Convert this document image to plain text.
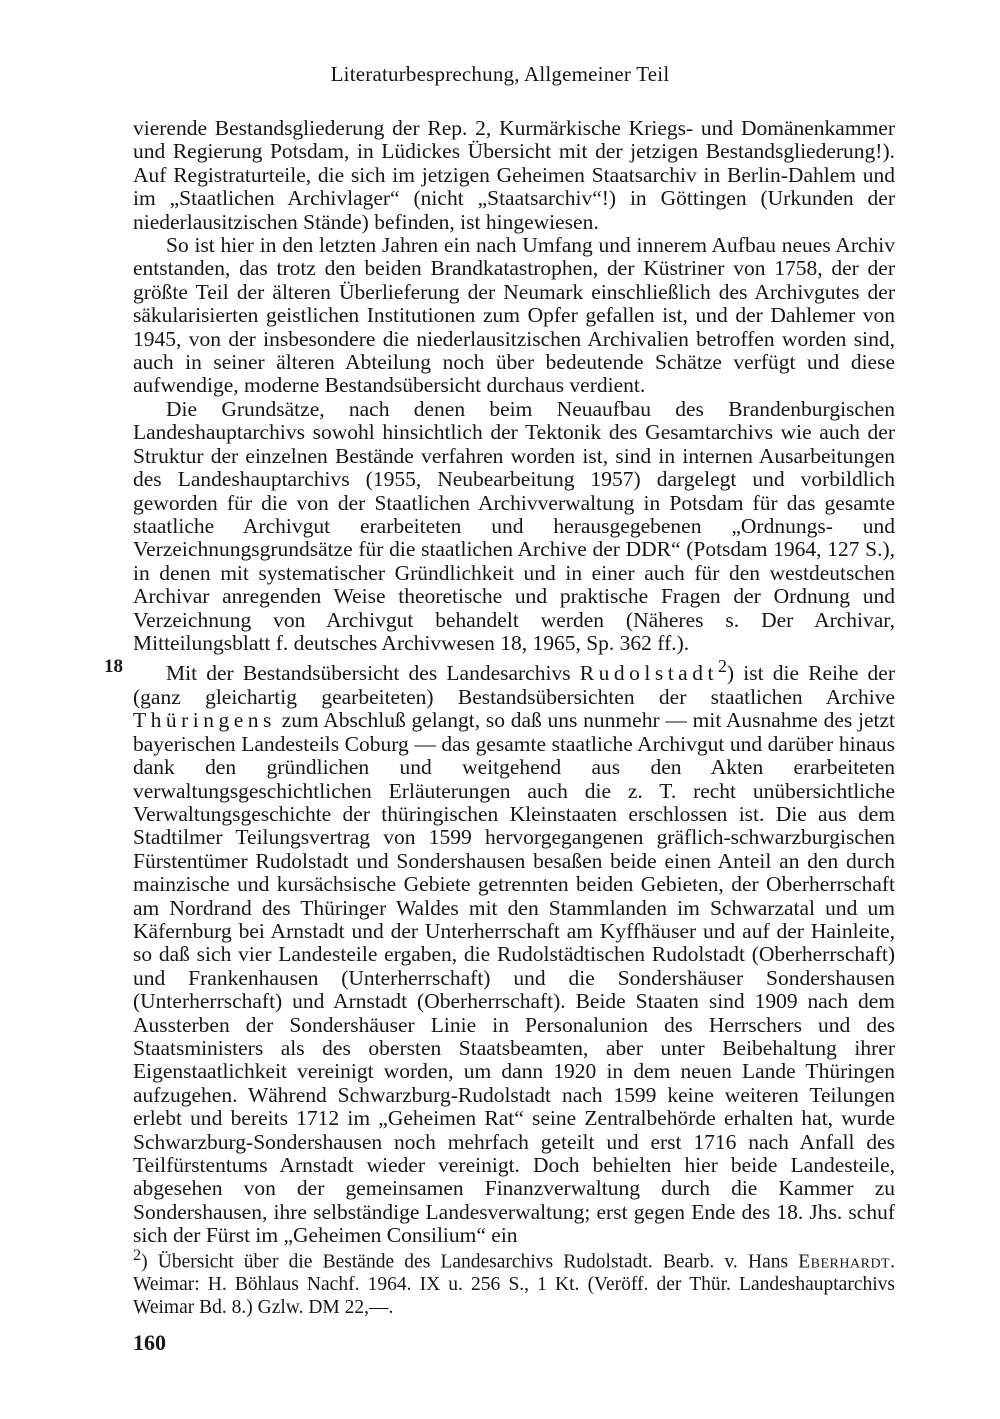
Literaturbesprechung, Allgemeiner Teil

vierende Bestandsgliederung der Rep. 2, Kurmärkische Kriegs- und Domänenkammer und Regierung Potsdam, in Lüdickes Übersicht mit der jetzigen Bestandsgliederung!). Auf Registraturteile, die sich im jetzigen Geheimen Staatsarchiv in Berlin-Dahlem und im „Staatlichen Archivlager“ (nicht „Staatsarchiv“!) in Göttingen (Urkunden der niederlausitzischen Stände) befinden, ist hingewiesen.

So ist hier in den letzten Jahren ein nach Umfang und innerem Aufbau neues Archiv entstanden, das trotz den beiden Brandkatastrophen, der Küstriner von 1758, der der größte Teil der älteren Überlieferung der Neumark einschließlich des Archivgutes der säkularisierten geistlichen Institutionen zum Opfer gefallen ist, und der Dahlemer von 1945, von der insbesondere die niederlausitzischen Archivalien betroffen worden sind, auch in seiner älteren Abteilung noch über bedeutende Schätze verfügt und diese aufwendige, moderne Bestandsübersicht durchaus verdient.

Die Grundsätze, nach denen beim Neuaufbau des Brandenburgischen Landeshauptarchivs sowohl hinsichtlich der Tektonik des Gesamtarchivs wie auch der Struktur der einzelnen Bestände verfahren worden ist, sind in internen Ausarbeitungen des Landeshauptarchivs (1955, Neubearbeitung 1957) dargelegt und vorbildlich geworden für die von der Staatlichen Archivverwaltung in Potsdam für das gesamte staatliche Archivgut erarbeiteten und herausgegebenen „Ordnungs- und Verzeichnungsgrundsätze für die staatlichen Archive der DDR“ (Potsdam 1964, 127 S.), in denen mit systematischer Gründlichkeit und in einer auch für den westdeutschen Archivar anregenden Weise theoretische und praktische Fragen der Ordnung und Verzeichnung von Archivgut behandelt werden (Näheres s. Der Archivar, Mitteilungsblatt f. deutsches Archivwesen 18, 1965, Sp. 362 ff.).

18 Mit der Bestandsübersicht des Landesarchivs Rudolstadt$^2$) ist die Reihe der (ganz gleichartig gearbeiteten) Bestandsübersichten der staatlichen Archive Thüringens zum Abschluß gelangt, so daß uns nunmehr — mit Ausnahme des jetzt bayerischen Landesteils Coburg — das gesamte staatliche Archivgut und darüber hinaus dank den gründlichen und weitgehend aus den Akten erarbeiteten verwaltungsgeschichtlichen Erläuterungen auch die z. T. recht unübersichtliche Verwaltungsgeschichte der thüringischen Kleinstaaten erschlossen ist. Die aus dem Stadtilmer Teilungsvertrag von 1599 hervorgegangenen gräflich-schwarzburgischen Fürstentümer Rudolstadt und Sondershausen besaßen beide einen Anteil an den durch mainzische und kursächsische Gebiete getrennten beiden Gebieten, der Oberherrschaft am Nordrand des Thüringer Waldes mit den Stammlanden im Schwarzatal und um Käfernburg bei Arnstadt und der Unterherrschaft am Kyffhäuser und auf der Hainleite, so daß sich vier Landesteile ergaben, die Rudolstädtischen Rudolstadt (Oberherrschaft) und Frankenhausen (Unterherrschaft) und die Sondershäuser Sondershausen (Unterherrschaft) und Arnstadt (Oberherrschaft). Beide Staaten sind 1909 nach dem Aussterben der Sondershäuser Linie in Personalunion des Herrschers und des Staatsministers als des obersten Staatsbeamten, aber unter Beibehaltung ihrer Eigenstaatlichkeit vereinigt worden, um dann 1920 in dem neuen Lande Thüringen aufzugehen. Während Schwarzburg-Rudolstadt nach 1599 keine weiteren Teilungen erlebt und bereits 1712 im „Geheimen Rat“ seine Zentralbehörde erhalten hat, wurde Schwarzburg-Sondershausen noch mehrfach geteilt und erst 1716 nach Anfall des Teilfürstentums Arnstadt wieder vereinigt. Doch behielten hier beide Landesteile, abgesehen von der gemeinsamen Finanzverwaltung durch die Kammer zu Sondershausen, ihre selbständige Landesverwaltung; erst gegen Ende des 18. Jhs. schuf sich der Fürst im „Geheimen Consilium“ ein

$^2$) Übersicht über die Bestände des Landesarchivs Rudolstadt. Bearb. v. Hans Eberhardt. Weimar: H. Böhlaus Nachf. 1964. IX u. 256 S., 1 Kt. (Veröff. der Thür. Landeshauptarchivs Weimar Bd. 8.) Gzlw. DM 22,—.

160
